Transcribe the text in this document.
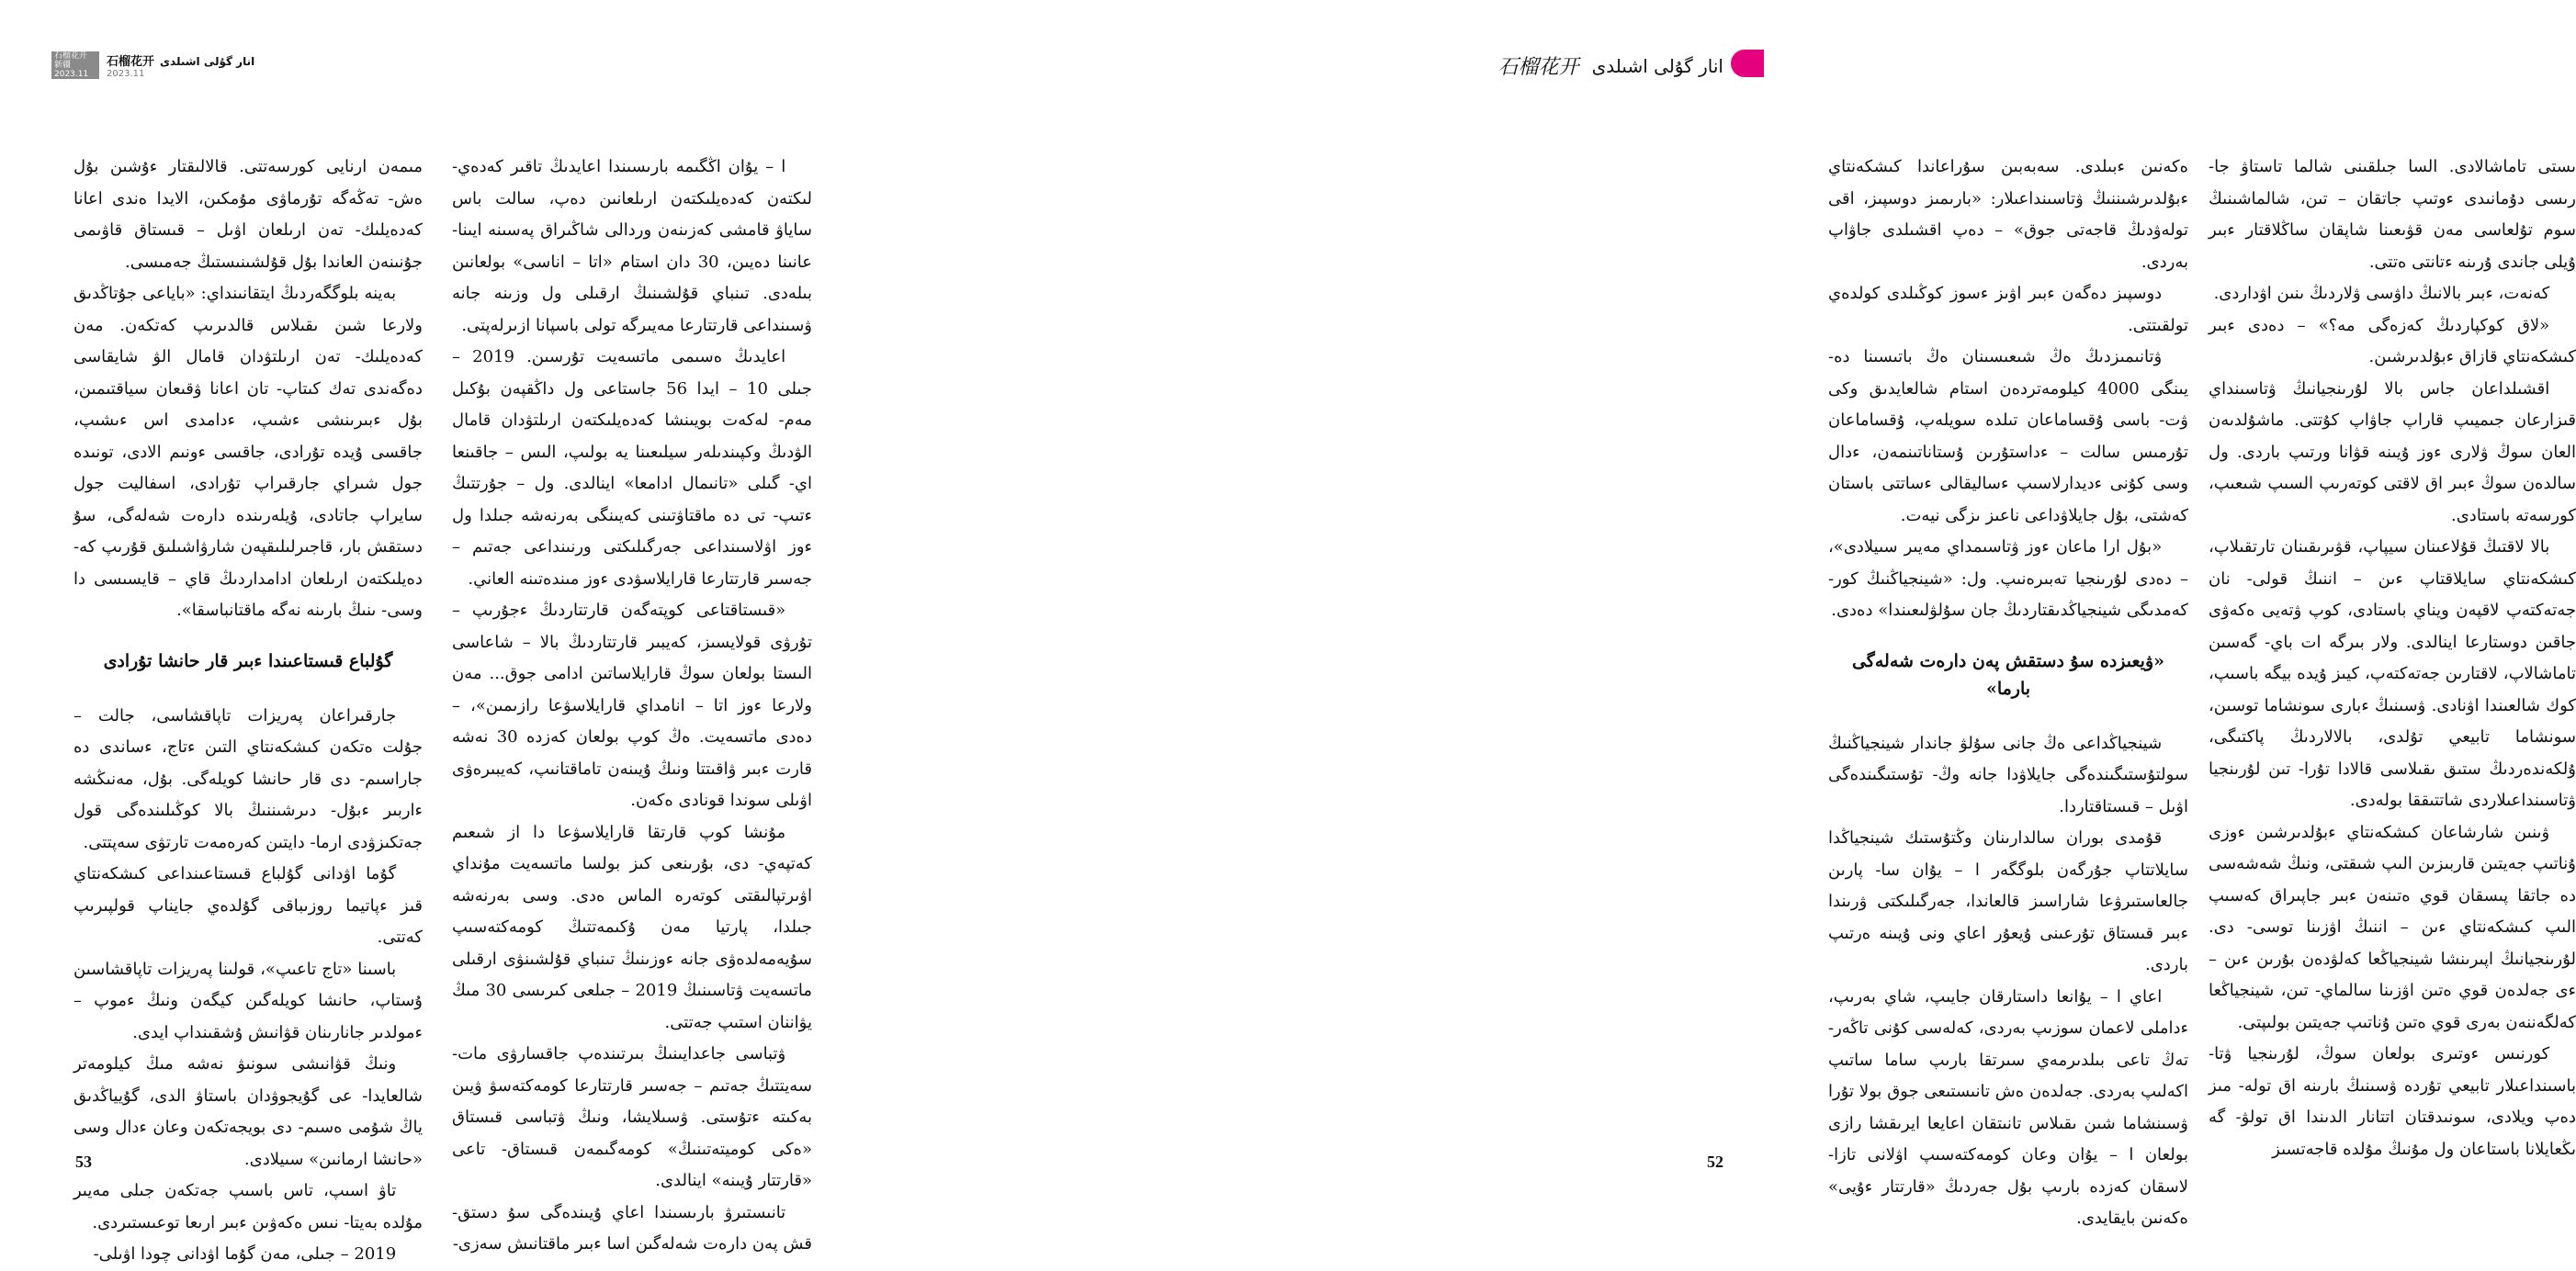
石榴花开
新疆
2023.11
石榴花开 انار گۇلى اشىلدى
2023.11

ا – يۇان اڭگىمە بارىسىندا اعايدىڭ تاقىر كەدەي- لىكتەن كەدەيلىكتەن ارىلعانىن دەپ، سالت باس ساياۋ قامشى كەزىنەن وردالى شاڭىراق پەسىنە ايىنا- عانىنا دەيىن، 30 دان استام «اتا – اناسى» بولعانىن بىلەدى. تىنباي قۇلشىنىڭ ارقىلى ول وزىنە جانە ۋسىنداعى قارتتارعا مەيىرگە تولى باسپانا ازىرلەپتى.

اعايدىڭ ەسىمى ماتسەيت تۇرسىن. 2019 – جىلى 10 – ايدا 56 جاستاعى ول داڭقپەن بۇكىل مەم- لەكەت بويىنشا كەدەيلىكتەن ارىلتۋدان قامال الۋدىڭ وكپىندىلەر سيلىعىنا يە بولىپ، الىس – جاقىنعا اي- گىلى «تانىمال ادامعا» اينالدى. ول – جۇرتتىڭ ءتىپ- تى دە ماقتاۋتىنى كەيىنگى بەرنەشە جىلدا ول ءوز اۋلاسىنداعى جەرگىلىكتى ورنىنداعى جەتىم – جەسىر قارتتارعا قارايلاسۋدى ءوز مىندەتىنە العاني.

«قىستاقتاعى كوپتەگەن قارتتاردىڭ ءجۇرىپ – تۇرۋى قولايسىز، كەيبىر قارتتاردىڭ بالا – شاعاسى الىستا بولعان سوڭ قارايلاساتىن ادامى جوق... مەن ولارعا ءوز اتا – انامداي قارايلاسۋعا رازىمىن»، – دەدى ماتسەيت. ەڭ كوپ بولعان كەزدە 30 نەشە قارت ءبىر ۋاقىتتا ونىڭ ۇيىنەن تاماقتانىپ، كەيبىرەۋى اۋىلى سوندا قونادى ەكەن.

مۇنشا كوپ قارتقا قارايلاسۋعا دا از شىعىم كەتپەي- دى، بۇرىنعى كىز بولسا ماتسەيت مۇنداي اۋىرتپالىقتى كوتەرە الماس ەدى. وسى بەرنەشە جىلدا، پارتيا مەن ۇكىمەتتىڭ كومەكتەسىپ سۇيەمەلدەۋى جانە ءوزىنىڭ تىنباي قۇلشىنۋى ارقىلى ماتسەيت ۋتاسىنىڭ 2019 – جىلعى كىرىسى 30 مىڭ يۋاننان استىپ جەتتى.

ۋتباسى جاعدايىنىڭ بىرتىندەپ جاقسارۋى مات- سەيتتىڭ جەتىم – جەسىر قارتتارعا كومەكتەسۋ ۋيىن بەكىتە ءتۇستى. ۋسىلايشا، ونىڭ ۋتباسى قىستاق «ەكى كوميتەتىنىڭ» كومەگىمەن قىستاق- تاعى «قارتتار ۇيىنە» اينالدى.

تانىستىرۋ بارىسىندا اعاي ۇيىندەگى سۇ دستق- قش پەن دارەت شەلەگىن اسا ءبىر ماقتانىش سەزى-

مىمەن ارنايى كورسەتتى. قالالىقتار ءۇشىن بۇل ەش- تەڭەگە تۇرماۋى مۇمكىن، الايدا ەندى اعانا كەدەيلىك- تەن ارىلعان اۋىل – قىستاق قاۋىمى جۇنىنەن العاندا بۇل قۇلشىنىستىڭ جەمىسى.

بەينە بلوگگەردىڭ ايتقانىنداي: «باياعى جۇتاڭدىق ولارعا شىن ىقىلاس قالدىرىپ كەتكەن. مەن كەدەيلىك- تەن ارىلتۋدان قامال الۋ شايقاسى دەگەندى تەك كىتاپ- تان اعانا ۋقىعان سياقتىمىن، بۇل ءبىرىنشى ءشىپ، ءدامدى اس ءىشىپ، جاقسى ۇيدە تۇرادى، جاقسى ءونىم الادى، تونىدە جول شىراي جارقىراپ تۇرادى، اسفاليت جول سايراپ جاتادى، ۇيلەرىندە دارەت شەلەگى، سۇ دستقش بار، قاجىرلىلىقپەن شارۋاشىلىق قۇرىپ كە- دەيلىكتەن ارىلعان ادامداردىڭ قاي – قايسىسى دا وسى- ىنىڭ بارىنە نەگە ماقتانباسقا».

گۇلباع قىستاعىندا ءبىر قار حانشا تۇرادى

جارقىراعان پەريزات تاپاقشاسى، جالت – جۇلت ەتكەن كىشكەنتاي التىن ءتاج، ءساندى دە جاراسىم- دى قار حانشا كويلەگى. بۇل، مەنىڭشە ءاربىر ءبۇل- دىرشىننىڭ بالا كوڭىلىندەگى قول جەتكىزۋدى ارما- دايتىن كەرەمەت تارتۋى سەپتتى.

گۇما اۋدانى گۇلباع قىستاعىنداعى كىشكەنتاي قىز ءپاتيما روزىباقى گۇلدەي جايناپ قولپىرىپ كەتتى.

باسىنا «تاج تاعىپ»، قولىنا پەريزات تاپاقشاسىن ۇستاپ، حانشا كويلەگىن كيگەن ونىڭ ءموپ – ءمولدىر جانارىنان قۋانىش ۇشقىنداپ ايدى.

ونىڭ قۋانىشى سونىۋ نەشە مىڭ كيلومەتر شالعايدا- عى گۇيجوۋدان باستاۋ الدى، گۇيياڭدىق ياڭ شۇمى ەسىم- دى بويجەتكەن وعان ءدال وسى «حانشا ارمانىن» سىيلادى.

تاۋ اسىپ، تاس باسىپ جەتكەن جىلى مەيىر مۇلدە بەيتا- نىس ەكەۋىن ءبىر ارىعا توعىستىردى.

2019 – جىلى، مەن گۇما اۋدانى چودا اۋىلى-

53
石榴花开 انار گۇلى اشىلدى

ىستى تاماشالادى. السا جىلقىنى شالما تاستاۋ جا- رىسى دۇمانىدى ءوتىپ جاتقان – تىن، شالماشىنىڭ سوم تۇلعاسى مەن قۋىعىنا شاپقان ساڭلاقتار ءبىر ۇيلى جاندى ۇرىنە ءتانتى ەتتى.

كەنەت، ءبىر بالانىڭ داۋسى ۋلاردىڭ ىنىن اۋداردى.

«لاق كوكپاردىڭ كەزەگى مە؟» – دەدى ءبىر كىشكەنتاي قازاق ءبۇلدىرشىن.

اقشىلداعان جاس بالا لۇرىنجيانىڭ ۋتاسىنداي قىزارعان جىميىپ قاراپ جاۋاپ كۇتتى. ماشۇلدىەن العان سوڭ ۋلارى ءوز ۇيىنە قۋانا ورتىپ باردى. ول سالدەن سوڭ ءبىر اق لاقتى كوتەرىپ السىپ شىعىپ، كورسەتە باستادى.

بالا لاقتىڭ قۇلاعىنان سيپاپ، قۋىرىقىنان تارتقىلاپ، كىشكەنتاي سايلاقتاپ ءىن – اننىڭ قولى- نان جەتەكتەپ لاقپەن ويناي باستادى، كوپ ۋتەيى ەكەۋى جاقىن دوستارعا اينالدى. ولار بىرگە ات باي- گەسىن تاماشالاپ، لاقتارىن جەتەكتەپ، كيىز ۇيدە بيگە باسىپ، كوك شالعىندا اۋنادى. ۋسىنىڭ ءبارى سونشاما توسىن، سونشاما تابيعي تۇلدى، بالالاردىڭ پاكتىگى، ۇلكەندەردىڭ ستىق ىقىلاسى قالادا تۇرا- تىن لۇرىنجيا ۋتاسىنداعىلاردى شاتتىققا بولەدى.

ۋىنىن شارشاعان كىشكەنتاي ءبۇلدىرشىن ءوزى ۇناتىپ جەيتىن قاربىزىن الىپ شىقتى، ونىڭ شەشەسى دە جاتقا پىسقان قوي ەتىنەن ءبىر جاپىراق كەسىپ الىپ كىشكەنتاي ءىن – اننىڭ اۋزىنا توسى- دى. لۇرىنجيانىڭ اپىرىنشا شينجياڭعا كەلۋدەن بۇرىن ءىن – ءى جەلدەن قوي ەتىن اۋزىنا سالماي- تىن، شينجياڭعا كەلگەننەن بەرى قوي ەتىن ۇناتىپ جەيتىن بولىپتى.

كورنىس ءوتىرى بولعان سوڭ، لۇرىنجيا ۋتا- باسىنداعىلار تابيعي تۇردە ۋسىنىڭ بارىنە اق تولە- مىز دەپ ويلادى، سونىدقتان اتتانار الدىندا اق تولۋ- گە ىڭعايلانا باستاعان ول مۇنىڭ مۇلدە قاجەتسىز

ەكەنىن ءبىلدى. سەبەبىن سۇراعاندا كىشكەنتاي ءبۇلدىرشىننىڭ ۋتاسىنداعىلار: «بارىمىز دوسپىز، اقى تولەۋدىڭ قاجەتى جوق» – دەپ اقشىلدى جاۋاپ بەردى.

دوسپىز دەگەن ءبىر اۋىز ءسوز كوڭىلدى كولدەي تولقىتتى.

ۋتانىمىزدىڭ ەڭ شىعىسىنان ەڭ باتىسىنا دە- يىنگى 4000 كيلومەتردەن استام شالعايدىق وكى ۋت- باسى ۇقساماعان تىلدە سويلەپ، ۇقساماعان تۇرمىس سالت – ءداستۇرىن ۇستاناتىنمەن، ءدال وسى كۇنى ءديدارلاسىپ ءساليقالى ءساتتى باستان كەشتى، بۇل جايلاۋداعى ناعىز ىزگى نيەت.

«بۇل ارا ماعان ءوز ۋتاسىمداي مەيىر سىيلادى»، – دەدى لۇرىنجيا تەبىرەنىپ. ول: «شينجياڭنىڭ كور- كەمدىگى شينجياڭدىقتاردىڭ جان سۇلۋلىعىندا» دەدى.

«ۋيعىزدە سۇ دستقش پەن دارەت شەلەگى بارما»

شينجياڭداعى ەڭ جانى سۇلۋ جاندار شينجياڭنىڭ سولتۇستىگىندەگى جايلاۋدا جانە وڭ- تۇستىگىندەگى اۋىل – قىستاقتاردا.

قۇمدى بوران سالدارىنان وڭتۇستىك شينجياڭدا سايلاتتاپ جۇرگەن بلوگگەر ا – يۇان سا- پارىن جالعاستىرۋعا شاراسىز قالعاندا، جەرگىلىكتى ۋرىندا ءبىر قىستاق تۇرعىنى ۇيعۇر اعاي ونى ۇيىنە ەرتىپ باردى.

اعاي ا – يۇانعا داستارقان جايىپ، شاي بەرىپ، ءداملى لاعمان سوزىپ بەردى، كەلەسى كۇنى تاڭەر- تەڭ تاعى بىلدىرمەي سىرتقا بارىپ ساما ساتىپ اكەلىپ بەردى. جەلدەن ەش تانىستىعى جوق بولا تۇرا ۋسىنشاما شىن ىقىلاس تانىتقان اعايعا ايرىقشا رازى بولعان ا – يۇان وعان كومەكتەسىپ اۋلانى تازا- لاسقان كەزدە بارىپ بۇل جەردىڭ «قارتتار ءۇيى» ەكەنىن بايقايدى.

52
